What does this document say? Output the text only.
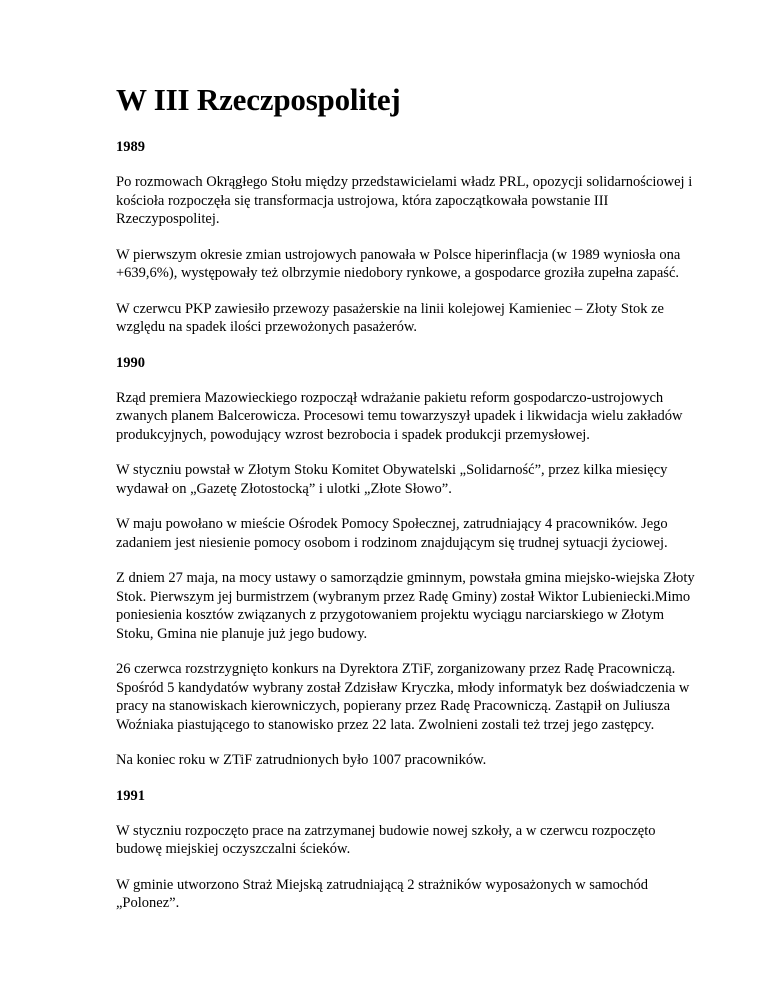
W III Rzeczpospolitej
1989

Po rozmowach Okrągłego Stołu między przedstawicielami władz PRL, opozycji solidarnościowej i kościoła rozpoczęła się transformacja ustrojowa, która zapoczątkowała powstanie III Rzeczypospolitej.

W pierwszym okresie zmian ustrojowych panowała w Polsce hiperinflacja (w 1989 wyniosła ona +639,6%), występowały też olbrzymie niedobory rynkowe, a gospodarce groziła zupełna zapaść.

W czerwcu PKP zawiesiło przewozy pasażerskie na linii kolejowej Kamieniec – Złoty Stok ze względu na spadek ilości przewożonych pasażerów.

1990

Rząd premiera Mazowieckiego rozpoczął wdrażanie pakietu reform gospodarczo-ustrojowych zwanych planem Balcerowicza. Procesowi temu towarzyszył upadek i likwidacja wielu zakładów produkcyjnych, powodujący wzrost bezrobocia i spadek produkcji przemysłowej.

W styczniu powstał w Złotym Stoku Komitet Obywatelski „Solidarność”, przez kilka miesięcy wydawał on „Gazetę Złotostocką” i ulotki „Złote Słowo”.

W maju powołano w mieście Ośrodek Pomocy Społecznej, zatrudniający 4 pracowników. Jego zadaniem jest niesienie pomocy osobom i rodzinom znajdującym się trudnej sytuacji życiowej.

Z dniem 27 maja, na mocy ustawy o samorządzie gminnym, powstała gmina miejsko-wiejska Złoty Stok. Pierwszym jej burmistrzem (wybranym przez Radę Gminy) został Wiktor Lubieniecki.Mimo poniesienia kosztów związanych z przygotowaniem projektu wyciągu narciarskiego w Złotym Stoku, Gmina nie planuje już jego budowy.

26 czerwca rozstrzygnięto konkurs na Dyrektora ZTiF, zorganizowany przez Radę Pracowniczą. Spośród 5 kandydatów wybrany został Zdzisław Kryczka, młody informatyk bez doświadczenia w pracy na stanowiskach kierowniczych, popierany przez Radę Pracowniczą. Zastąpił on Juliusza Woźniaka piastującego to stanowisko przez 22 lata. Zwolnieni zostali też trzej jego zastępcy.

Na koniec roku w ZTiF zatrudnionych było 1007 pracowników.

1991

W styczniu rozpoczęto prace na zatrzymanej budowie nowej szkoły, a w czerwcu rozpoczęto budowę miejskiej oczyszczalni ścieków.

W gminie utworzono Straż Miejską zatrudniającą 2 strażników wyposażonych w samochód „Polonez”.
